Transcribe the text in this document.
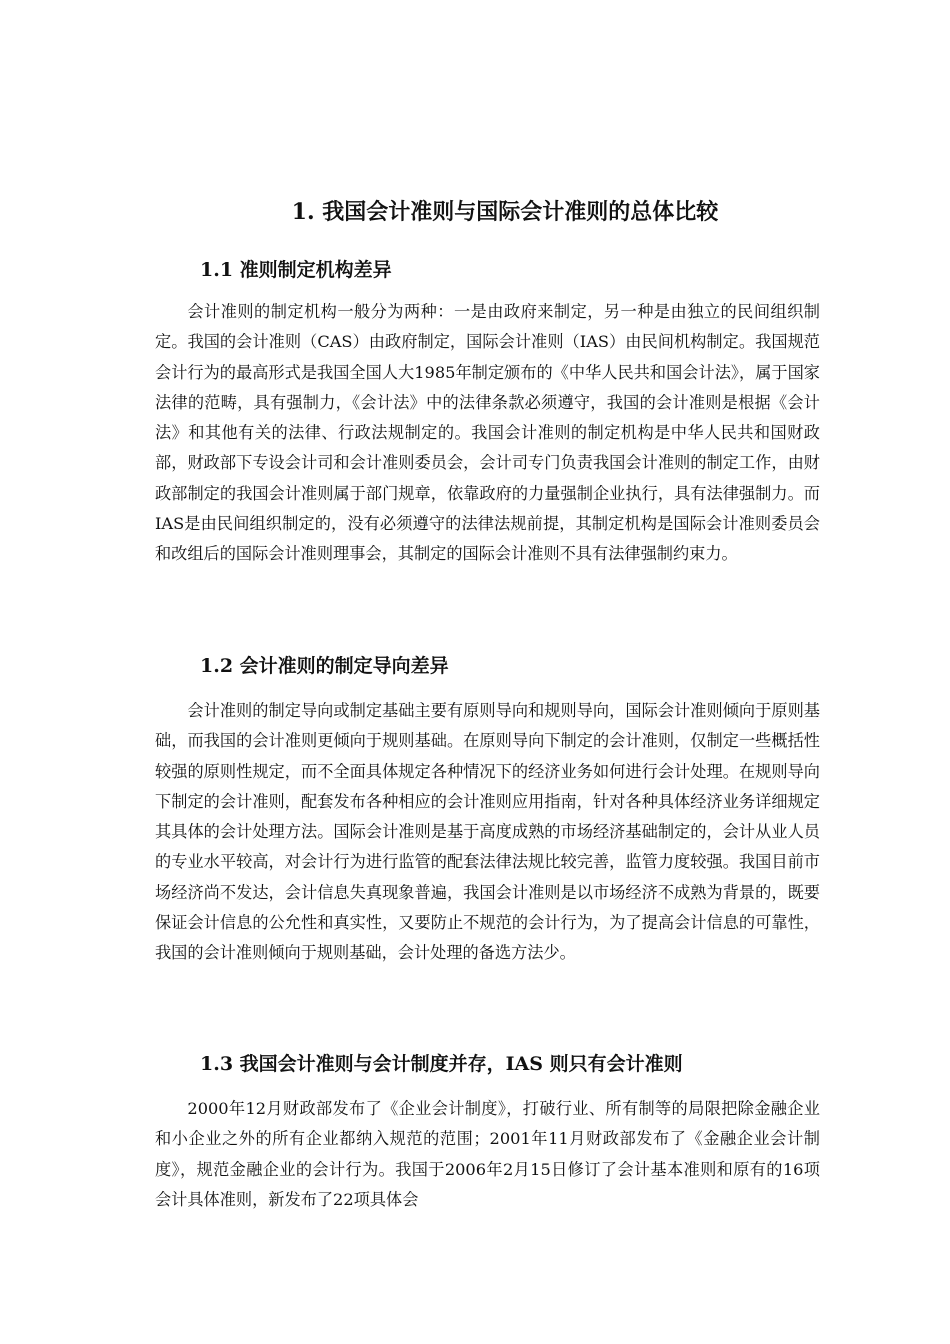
1. 我国会计准则与国际会计准则的总体比较
1.1 准则制定机构差异

会计准则的制定机构一般分为两种：一是由政府来制定，另一种是由独立的民间组织制定。我国的会计准则（CAS）由政府制定，国际会计准则（IAS）由民间机构制定。我国规范会计行为的最高形式是我国全国人大1985年制定颁布的《中华人民共和国会计法》，属于国家法律的范畴，具有强制力，《会计法》中的法律条款必须遵守，我国的会计准则是根据《会计法》和其他有关的法律、行政法规制定的。我国会计准则的制定机构是中华人民共和国财政部，财政部下专设会计司和会计准则委员会，会计司专门负责我国会计准则的制定工作，由财政部制定的我国会计准则属于部门规章，依靠政府的力量强制企业执行，具有法律强制力。而IAS是由民间组织制定的，没有必须遵守的法律法规前提，其制定机构是国际会计准则委员会和改组后的国际会计准则理事会，其制定的国际会计准则不具有法律强制约束力。

1.2 会计准则的制定导向差异

会计准则的制定导向或制定基础主要有原则导向和规则导向，国际会计准则倾向于原则基础，而我国的会计准则更倾向于规则基础。在原则导向下制定的会计准则，仅制定一些概括性较强的原则性规定，而不全面具体规定各种情况下的经济业务如何进行会计处理。在规则导向下制定的会计准则，配套发布各种相应的会计准则应用指南，针对各种具体经济业务详细规定其具体的会计处理方法。国际会计准则是基于高度成熟的市场经济基础制定的，会计从业人员的专业水平较高，对会计行为进行监管的配套法律法规比较完善，监管力度较强。我国目前市场经济尚不发达，会计信息失真现象普遍，我国会计准则是以市场经济不成熟为背景的，既要保证会计信息的公允性和真实性，又要防止不规范的会计行为，为了提高会计信息的可靠性，我国的会计准则倾向于规则基础，会计处理的备选方法少。

1.3 我国会计准则与会计制度并存，IAS 则只有会计准则

2000年12月财政部发布了《企业会计制度》，打破行业、所有制等的局限把除金融企业和小企业之外的所有企业都纳入规范的范围；2001年11月财政部发布了《金融企业会计制度》，规范金融企业的会计行为。我国于2006年2月15日修订了会计基本准则和原有的16项会计具体准则，新发布了22项具体会
